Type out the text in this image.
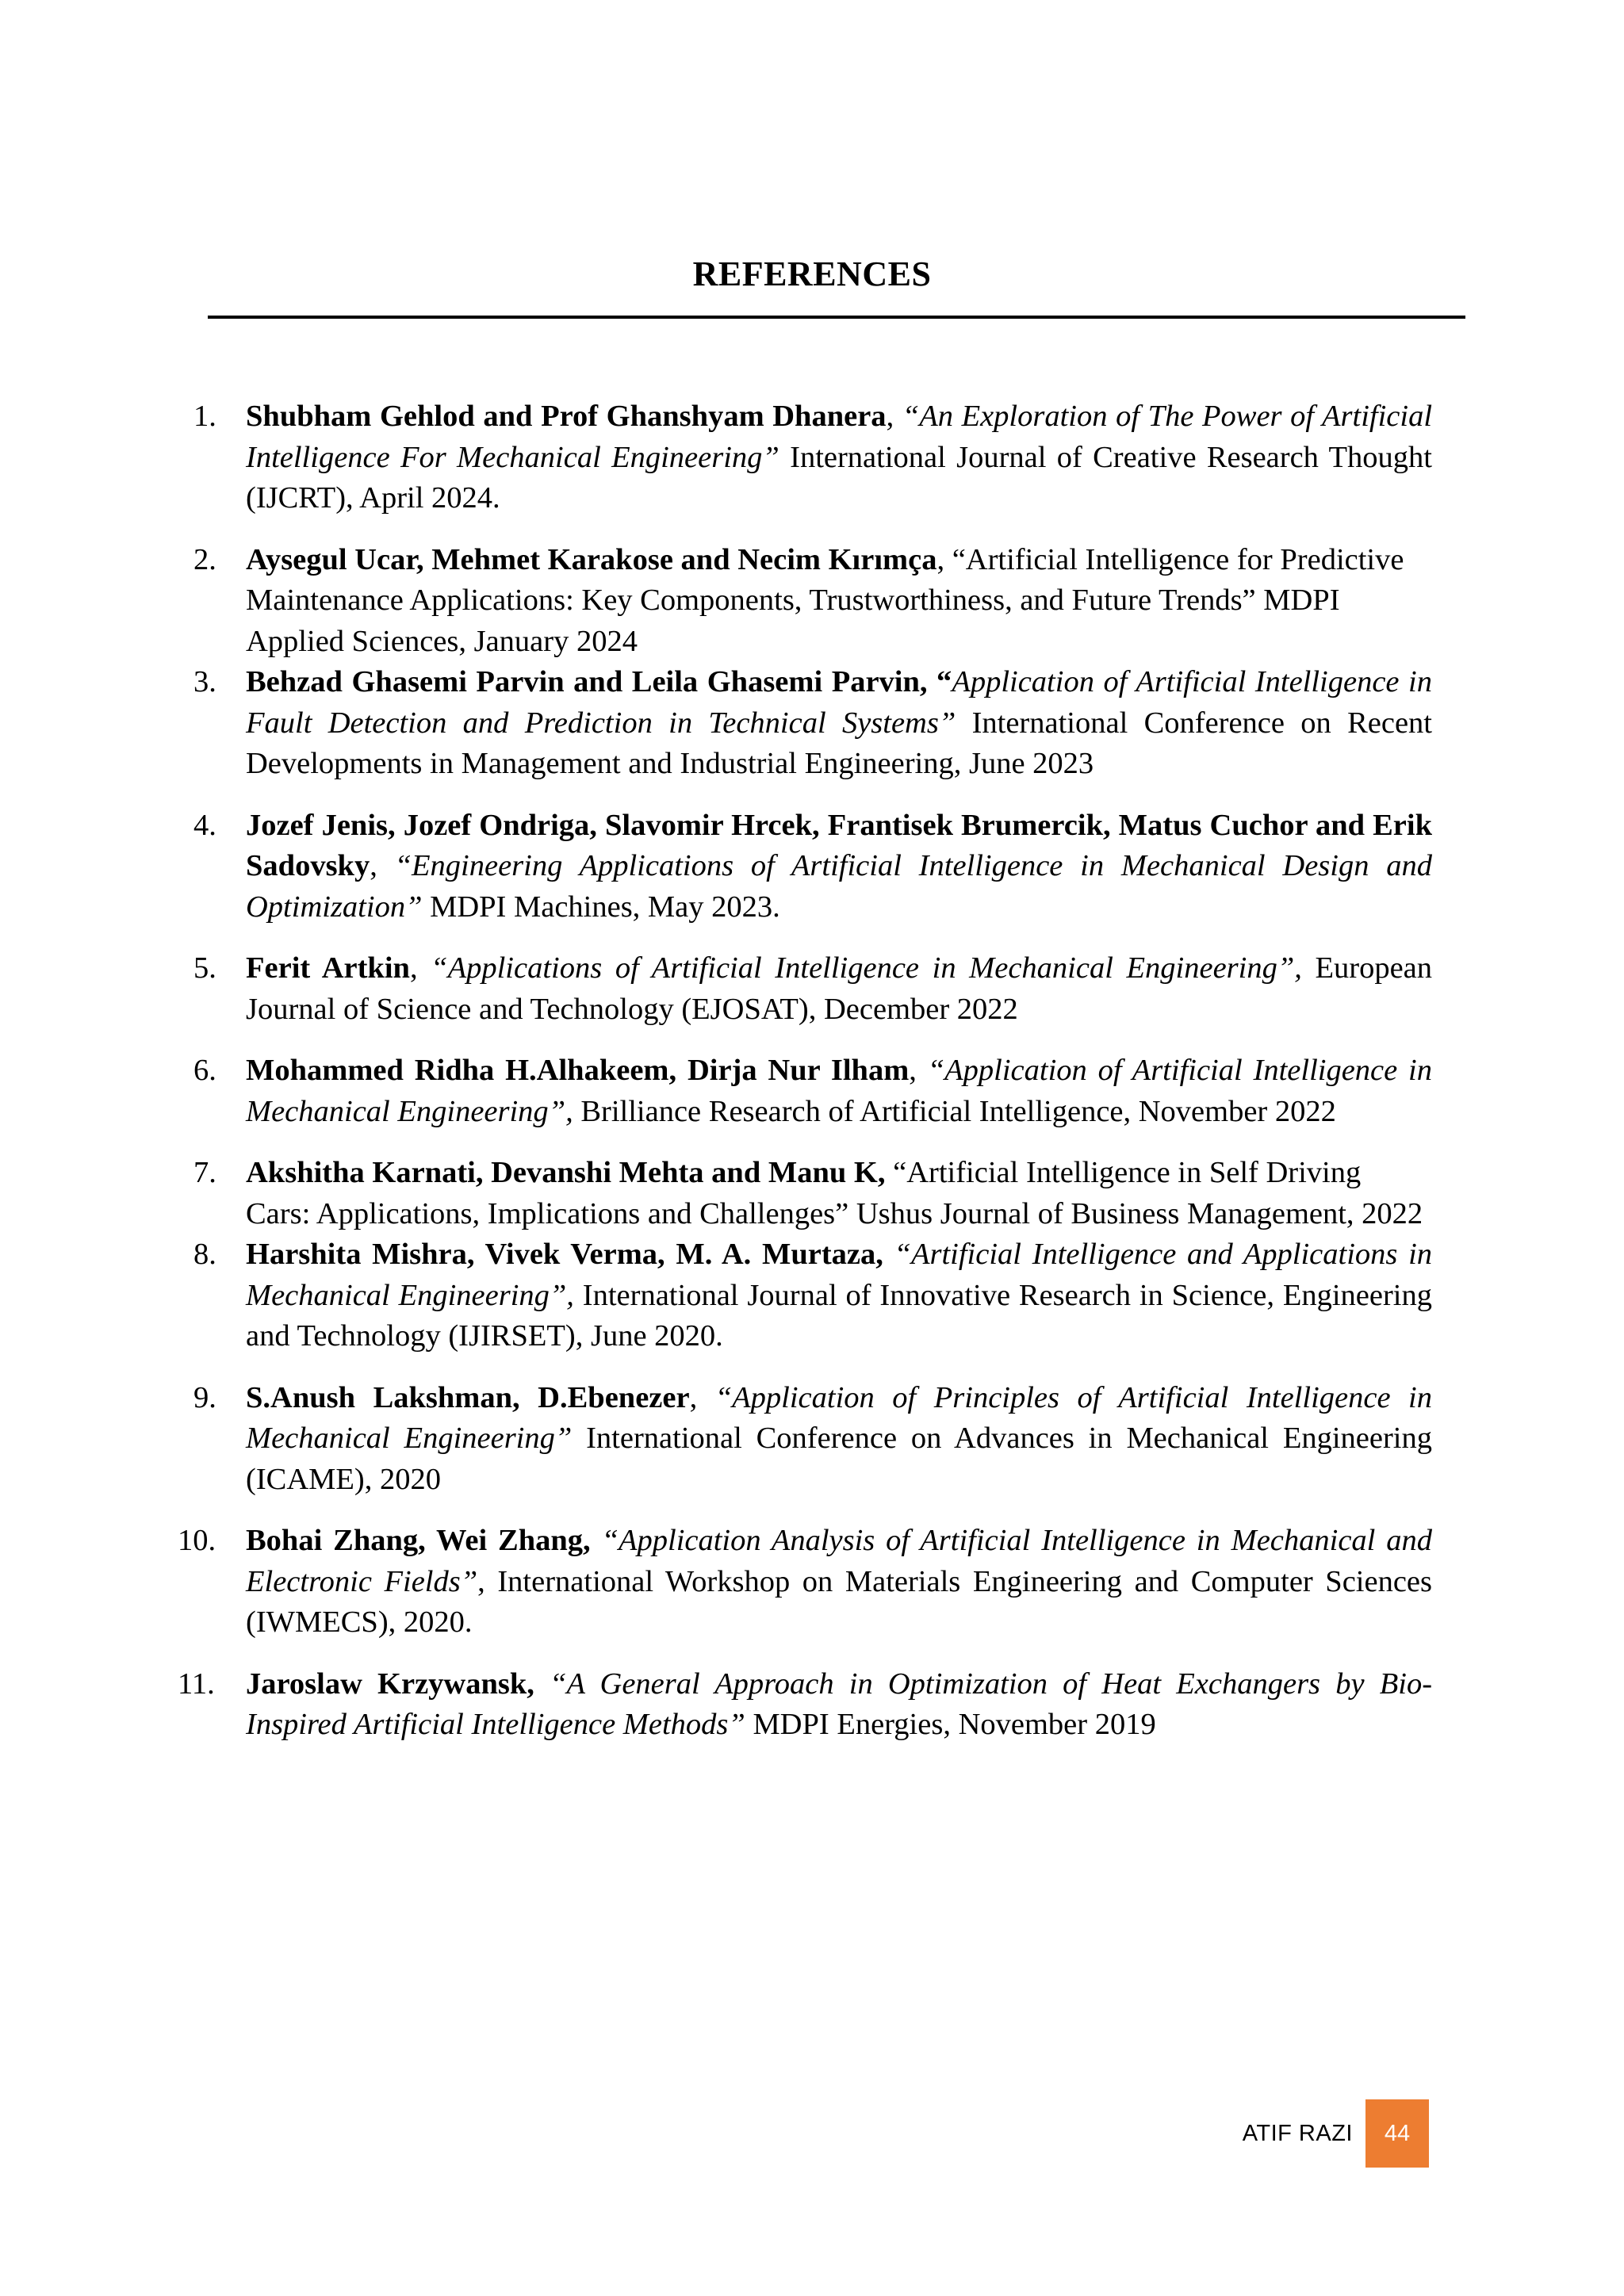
REFERENCES
1. Shubham Gehlod and Prof Ghanshyam Dhanera, “An Exploration of The Power of Artificial Intelligence For Mechanical Engineering” International Journal of Creative Research Thought (IJCRT), April 2024.
2. Aysegul Ucar, Mehmet Karakose and Necim Kırımça, “Artificial Intelligence for Predictive Maintenance Applications: Key Components, Trustworthiness, and Future Trends” MDPI Applied Sciences, January 2024
3. Behzad Ghasemi Parvin and Leila Ghasemi Parvin, “Application of Artificial Intelligence in Fault Detection and Prediction in Technical Systems” International Conference on Recent Developments in Management and Industrial Engineering, June 2023
4. Jozef Jenis, Jozef Ondriga, Slavomir Hrcek, Frantisek Brumercik, Matus Cuchor and Erik Sadovsky, “Engineering Applications of Artificial Intelligence in Mechanical Design and Optimization” MDPI Machines, May 2023.
5. Ferit Artkin, “Applications of Artificial Intelligence in Mechanical Engineering”, European Journal of Science and Technology (EJOSAT), December 2022
6. Mohammed Ridha H.Alhakeem, Dirja Nur Ilham, “Application of Artificial Intelligence in Mechanical Engineering”, Brilliance Research of Artificial Intelligence, November 2022
7. Akshitha Karnati, Devanshi Mehta and Manu K, “Artificial Intelligence in Self Driving Cars: Applications, Implications and Challenges” Ushus Journal of Business Management, 2022
8. Harshita Mishra, Vivek Verma, M. A. Murtaza, “Artificial Intelligence and Applications in Mechanical Engineering”, International Journal of Innovative Research in Science, Engineering and Technology (IJIRSET), June 2020.
9. S.Anush Lakshman, D.Ebenezer, “Application of Principles of Artificial Intelligence in Mechanical Engineering” International Conference on Advances in Mechanical Engineering (ICAME), 2020
10. Bohai Zhang, Wei Zhang, “Application Analysis of Artificial Intelligence in Mechanical and Electronic Fields”, International Workshop on Materials Engineering and Computer Sciences (IWMECS), 2020.
11. Jaroslaw Krzywansk, “A General Approach in Optimization of Heat Exchangers by Bio-Inspired Artificial Intelligence Methods” MDPI Energies, November 2019
ATIF RAZI	44
